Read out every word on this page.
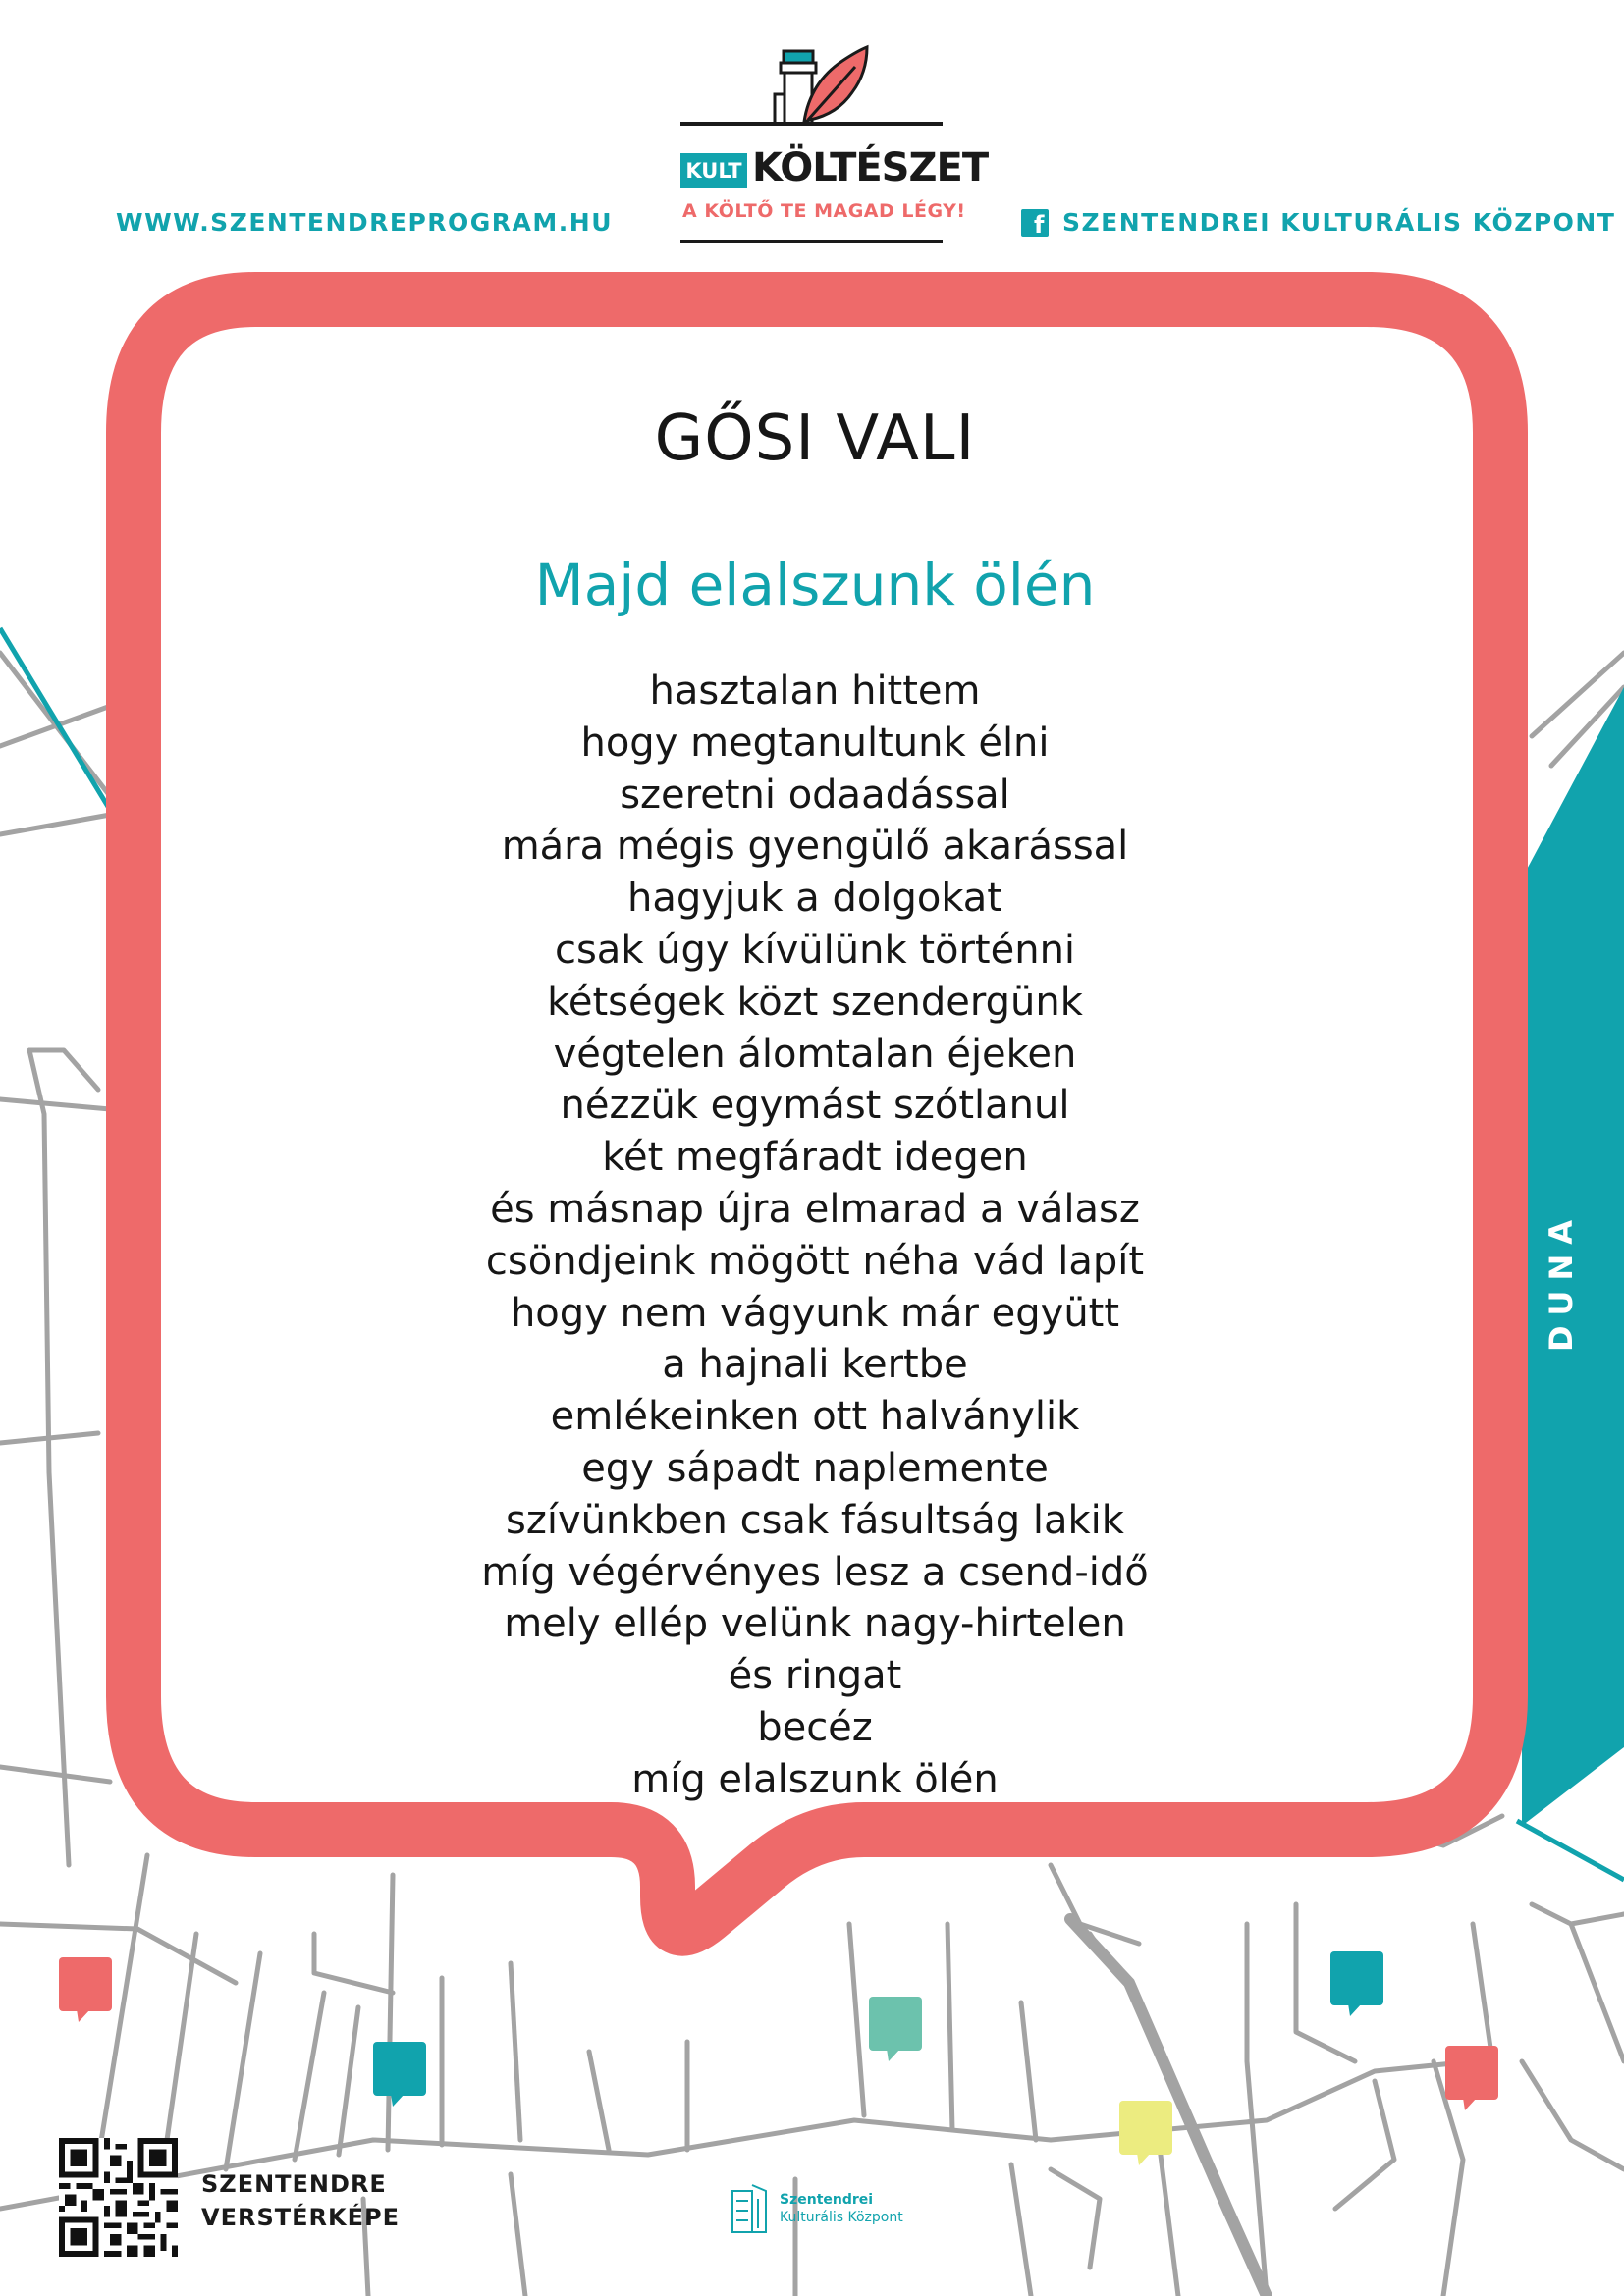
WWW.SZENTENDREPROGRAM.HU	f SZENTENDREI KULTURÁLIS KÖZPONT
KULT KÖLTÉSZET
A KÖLTŐ TE MAGAD LÉGY!
GŐSI VALI
Majd elalszunk ölén
hasztalan hittem
hogy megtanultunk élni
szeretni odaadással
mára mégis gyengülő akarással
hagyjuk a dolgokat
csak úgy kívülünk történni
kétségek közt szendergünk
végtelen álomtalan éjeken
nézzük egymást szótlanul
két megfáradt idegen
és másnap újra elmarad a válasz
csöndjeink mögött néha vád lapít
hogy nem vágyunk már együtt
a hajnali kertbe
emlékeinken ott halványlik
egy sápadt naplemente
szívünkben csak fásultság lakik
míg végérvényes lesz a csend-idő
mely ellép velünk nagy-hirtelen
és ringat
becéz
míg elalszunk ölén
DUNA
SZENTENDRE
VERSTÉRKÉPE
Szentendrei
Kulturális Központ
